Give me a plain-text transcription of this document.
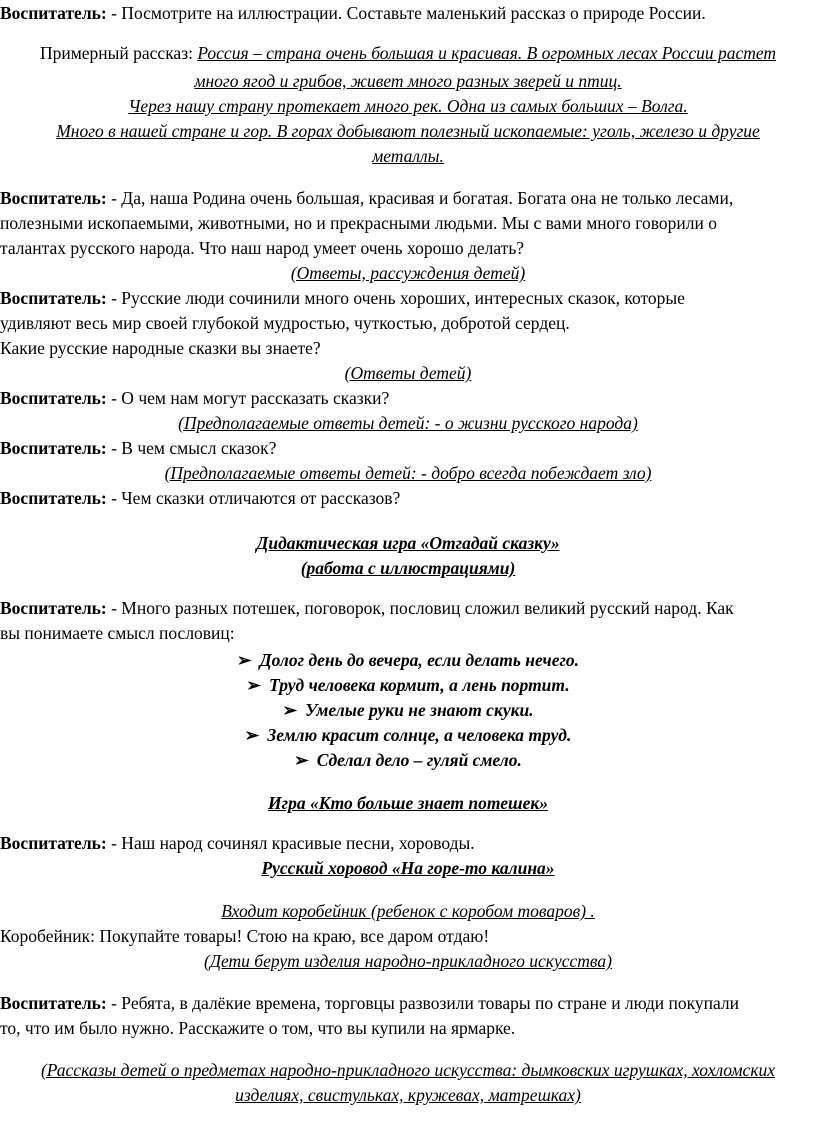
Воспитатель: - Посмотрите на иллюстрации. Составьте маленький рассказ о природе России.
Примерный рассказ: Россия – страна очень большая и красивая. В огромных лесах России растет
много ягод и грибов, живет много разных зверей и птиц.
Через нашу страну протекает много рек. Одна из самых больших – Волга.
Много в нашей стране и гор. В горах добывают полезный ископаемые: уголь, железо и другие
металлы.
Воспитатель: - Да, наша Родина очень большая, красивая и богатая. Богата она не только лесами,
полезными ископаемыми, животными, но и прекрасными людьми. Мы с вами много говорили о
талантах русского народа. Что наш народ умеет очень хорошо делать?
(Ответы, рассуждения детей)
Воспитатель: - Русские люди сочинили много очень хороших, интересных сказок, которые
удивляют весь мир своей глубокой мудростью, чуткостью, добротой сердец.
Какие русские народные сказки вы знаете?
(Ответы детей)
Воспитатель: - О чем нам могут рассказать сказки?
(Предполагаемые ответы детей: - о жизни русского народа)
Воспитатель: - В чем смысл сказок?
(Предполагаемые ответы детей: - добро всегда побеждает зло)
Воспитатель: - Чем сказки отличаются от рассказов?
Дидактическая игра «Отгадай сказку»
(работа с иллюстрациями)
Воспитатель: - Много разных потешек, поговорок, пословиц сложил великий русский народ. Как
вы понимаете смысл пословиц:
➢ Долог день до вечера, если делать нечего.
➢ Труд человека кормит, а лень портит.
➢ Умелые руки не знают скуки.
➢ Землю красит солнце, а человека труд.
➢ Сделал дело – гуляй смело.
Игра «Кто больше знает потешек»
Воспитатель: - Наш народ сочинял красивые песни, хороводы.
Русский хоровод «На горе-то калина»
Входит коробейник (ребенок с коробом товаров) .
Коробейник: Покупайте товары! Стою на краю, все даром отдаю!
(Дети берут изделия народно-прикладного искусства)
Воспитатель: - Ребята, в далёкие времена, торговцы развозили товары по стране и люди покупали
то, что им было нужно. Расскажите о том, что вы купили на ярмарке.
(Рассказы детей о предметах народно-прикладного искусства: дымковских игрушках, хохломских
изделиях, свистульках, кружевах, матрешках)
